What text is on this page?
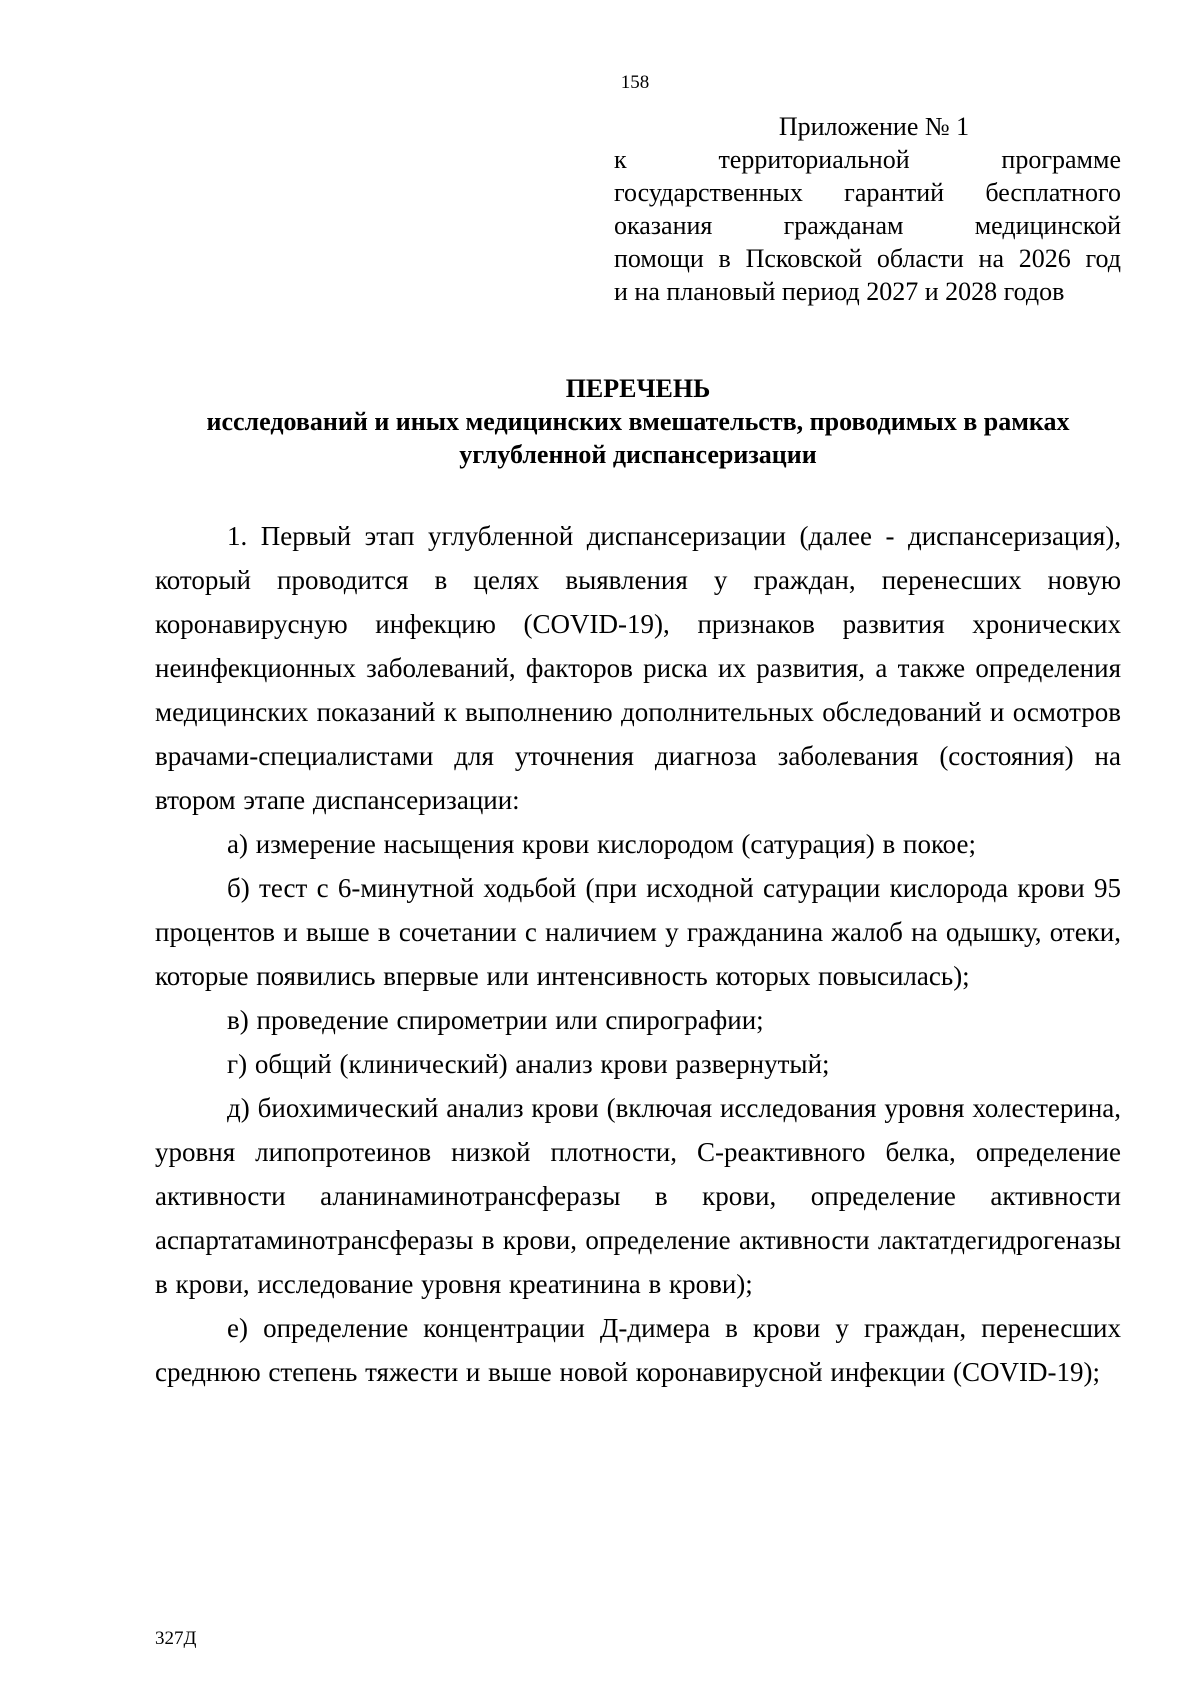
158
Приложение № 1
к территориальной программе
государственных гарантий бесплатного
оказания гражданам медицинской
помощи в Псковской области на 2026 год
и на плановый период 2027 и 2028 годов
ПЕРЕЧЕНЬ
исследований и иных медицинских вмешательств, проводимых в рамках углубленной диспансеризации

1. Первый этап углубленной диспансеризации (далее - диспансеризация), который проводится в целях выявления у граждан, перенесших новую коронавирусную инфекцию (COVID-19), признаков развития хронических неинфекционных заболеваний, факторов риска их развития, а также определения медицинских показаний к выполнению дополнительных обследований и осмотров врачами-специалистами для уточнения диагноза заболевания (состояния) на втором этапе диспансеризации:

а) измерение насыщения крови кислородом (сатурация) в покое;

б) тест с 6-минутной ходьбой (при исходной сатурации кислорода крови 95 процентов и выше в сочетании с наличием у гражданина жалоб на одышку, отеки, которые появились впервые или интенсивность которых повысилась);

в) проведение спирометрии или спирографии;

г) общий (клинический) анализ крови развернутый;

д) биохимический анализ крови (включая исследования уровня холестерина, уровня липопротеинов низкой плотности, С-реактивного белка, определение активности аланинаминотрансферазы в крови, определение активности аспартатаминотрансферазы в крови, определение активности лактатдегидрогеназы в крови, исследование уровня креатинина в крови);

е) определение концентрации Д-димера в крови у граждан, перенесших среднюю степень тяжести и выше новой коронавирусной инфекции (COVID-19);

327Д
